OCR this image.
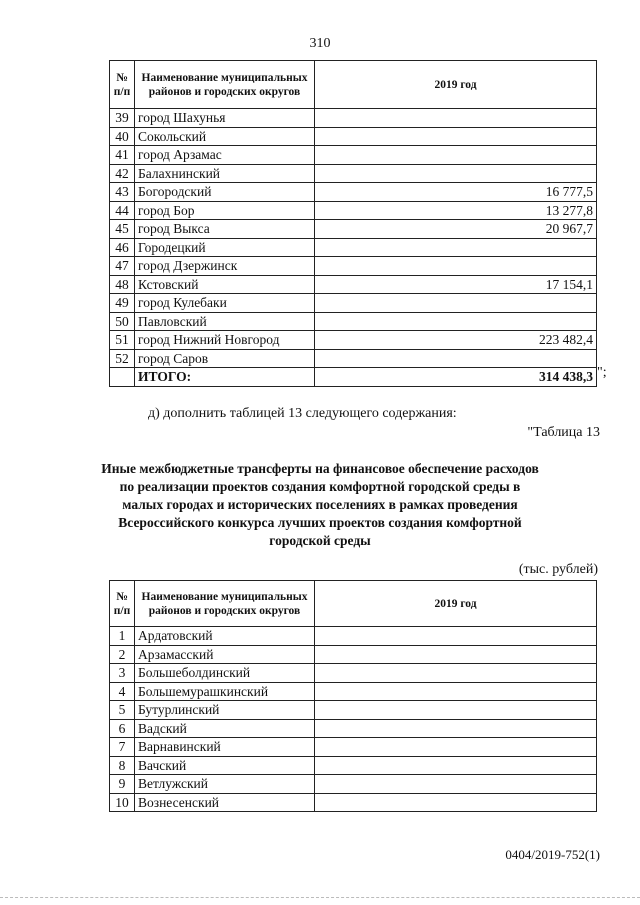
310
№ п/п	Наименование муниципальных районов и городских округов	2019 год
39	город Шахунья	
40	Сокольский	
41	город Арзамас	
42	Балахнинский	
43	Богородский	16 777,5
44	город Бор	13 277,8
45	город Выкса	20 967,7
46	Городецкий	
47	город Дзержинск	
48	Кстовский	17 154,1
49	город Кулебаки	
50	Павловский	
51	город Нижний Новгород	223 482,4
52	город Саров	
	ИТОГО:	314 438,3 ";
д) дополнить таблицей 13 следующего содержания:
"Таблица 13
Иные межбюджетные трансферты на финансовое обеспечение расходов по реализации проектов создания комфортной городской среды в малых городах и исторических поселениях в рамках проведения Всероссийского конкурса лучших проектов создания комфортной городской среды
(тыс. рублей)
№ п/п	Наименование муниципальных районов и городских округов	2019 год
1	Ардатовский	
2	Арзамасский	
3	Большеболдинский	
4	Большемурашкинский	
5	Бутурлинский	
6	Вадский	
7	Варнавинский	
8	Вачский	
9	Ветлужский	
10	Вознесенский	
0404/2019-752(1)
